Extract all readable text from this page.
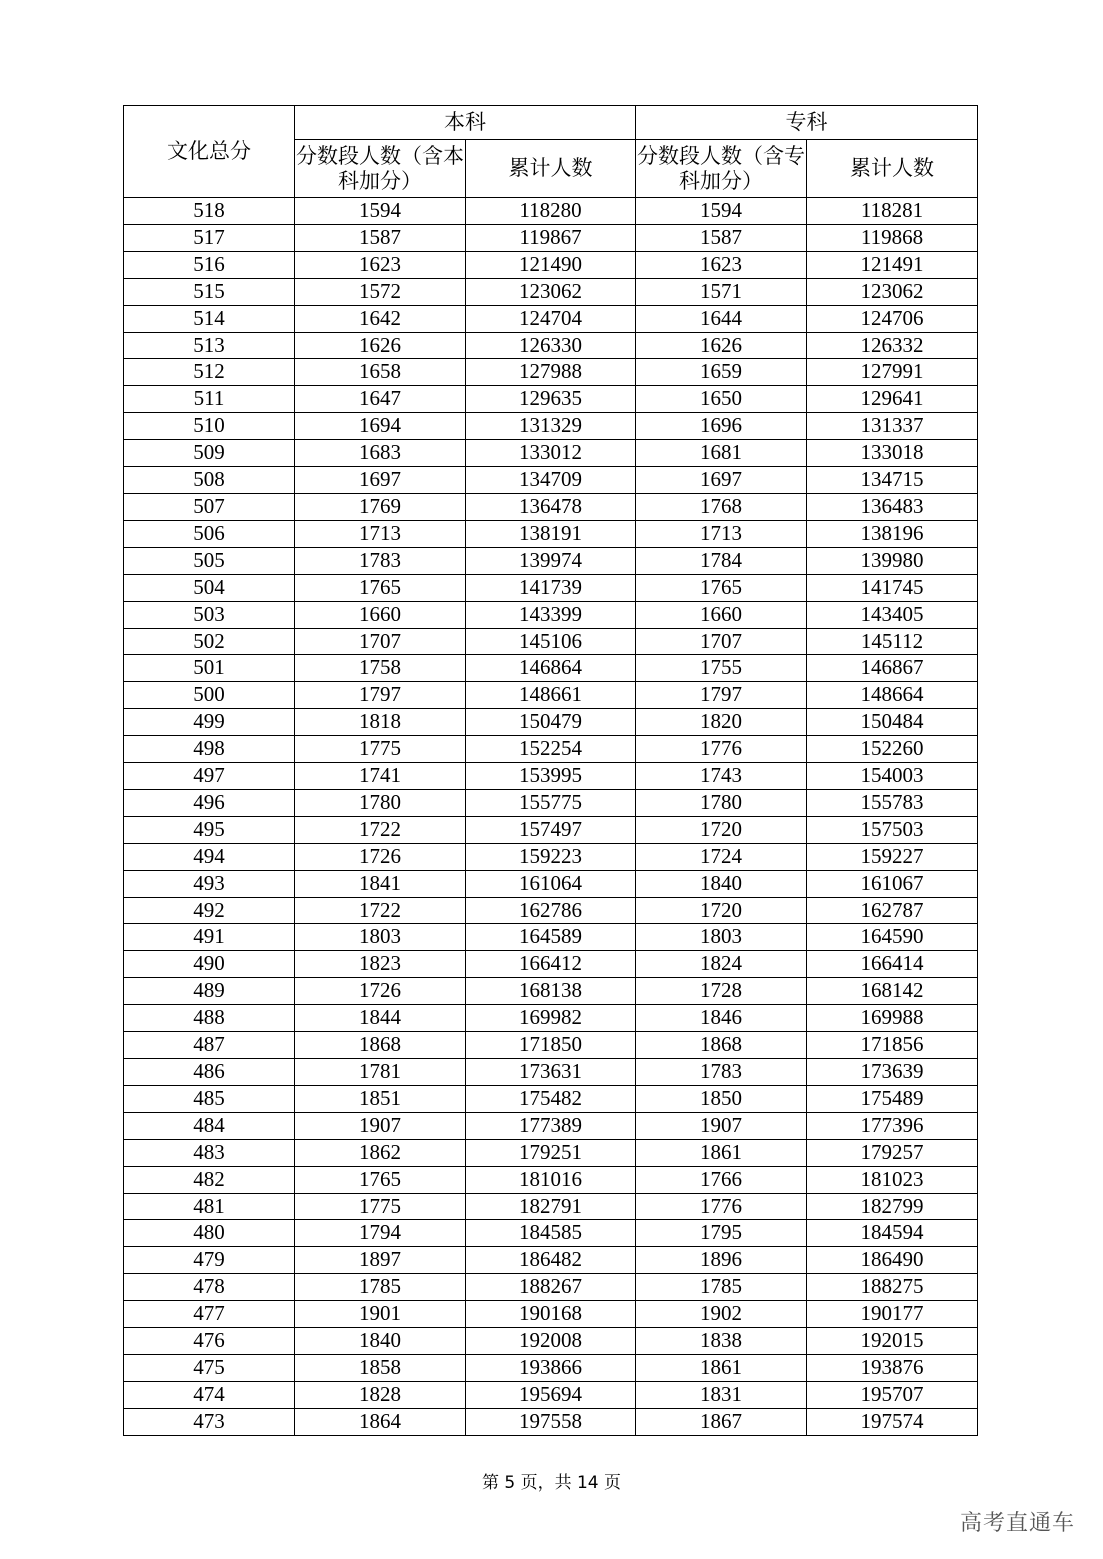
文化总分	本科		专科	
	分数段人数（含本科加分）	累计人数	分数段人数（含专科加分）	累计人数
518	1594	118280	1594	118281
517	1587	119867	1587	119868
516	1623	121490	1623	121491
515	1572	123062	1571	123062
514	1642	124704	1644	124706
513	1626	126330	1626	126332
512	1658	127988	1659	127991
511	1647	129635	1650	129641
510	1694	131329	1696	131337
509	1683	133012	1681	133018
508	1697	134709	1697	134715
507	1769	136478	1768	136483
506	1713	138191	1713	138196
505	1783	139974	1784	139980
504	1765	141739	1765	141745
503	1660	143399	1660	143405
502	1707	145106	1707	145112
501	1758	146864	1755	146867
500	1797	148661	1797	148664
499	1818	150479	1820	150484
498	1775	152254	1776	152260
497	1741	153995	1743	154003
496	1780	155775	1780	155783
495	1722	157497	1720	157503
494	1726	159223	1724	159227
493	1841	161064	1840	161067
492	1722	162786	1720	162787
491	1803	164589	1803	164590
490	1823	166412	1824	166414
489	1726	168138	1728	168142
488	1844	169982	1846	169988
487	1868	171850	1868	171856
486	1781	173631	1783	173639
485	1851	175482	1850	175489
484	1907	177389	1907	177396
483	1862	179251	1861	179257
482	1765	181016	1766	181023
481	1775	182791	1776	182799
480	1794	184585	1795	184594
479	1897	186482	1896	186490
478	1785	188267	1785	188275
477	1901	190168	1902	190177
476	1840	192008	1838	192015
475	1858	193866	1861	193876
474	1828	195694	1831	195707
473	1864	197558	1867	197574
第 5 页，共 14 页
高考直通车
